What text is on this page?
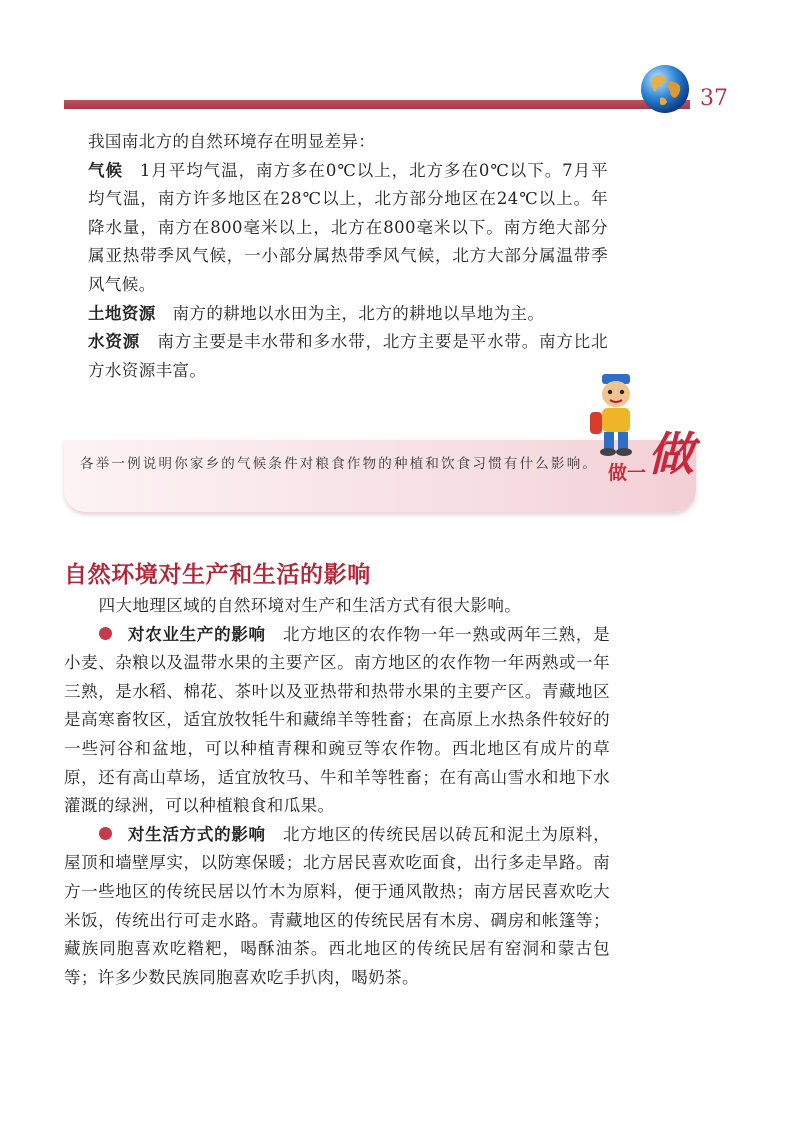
37

我国南北方的自然环境存在明显差异：

气候  1月平均气温，南方多在0℃以上，北方多在0℃以下。7月平均气温，南方许多地区在28℃以上，北方部分地区在24℃以上。年降水量，南方在800毫米以上，北方在800毫米以下。南方绝大部分属亚热带季风气候，一小部分属热带季风气候，北方大部分属温带季风气候。

土地资源  南方的耕地以水田为主，北方的耕地以旱地为主。

水资源  南方主要是丰水带和多水带，北方主要是平水带。南方比北方水资源丰富。

各举一例说明你家乡的气候条件对粮食作物的种植和饮食习惯有什么影响。 做一 做
自然环境对生产和生活的影响

四大地理区域的自然环境对生产和生活方式有很大影响。

对农业生产的影响  北方地区的农作物一年一熟或两年三熟，是小麦、杂粮以及温带水果的主要产区。南方地区的农作物一年两熟或一年三熟，是水稻、棉花、茶叶以及亚热带和热带水果的主要产区。青藏地区是高寒畜牧区，适宜放牧牦牛和藏绵羊等牲畜；在高原上水热条件较好的一些河谷和盆地，可以种植青稞和豌豆等农作物。西北地区有成片的草原，还有高山草场，适宜放牧马、牛和羊等牲畜；在有高山雪水和地下水灌溉的绿洲，可以种植粮食和瓜果。

对生活方式的影响  北方地区的传统民居以砖瓦和泥土为原料，屋顶和墙壁厚实，以防寒保暖；北方居民喜欢吃面食，出行多走旱路。南方一些地区的传统民居以竹木为原料，便于通风散热；南方居民喜欢吃大米饭，传统出行可走水路。青藏地区的传统民居有木房、碉房和帐篷等；藏族同胞喜欢吃糌粑，喝酥油茶。西北地区的传统民居有窑洞和蒙古包等；许多少数民族同胞喜欢吃手扒肉，喝奶茶。
